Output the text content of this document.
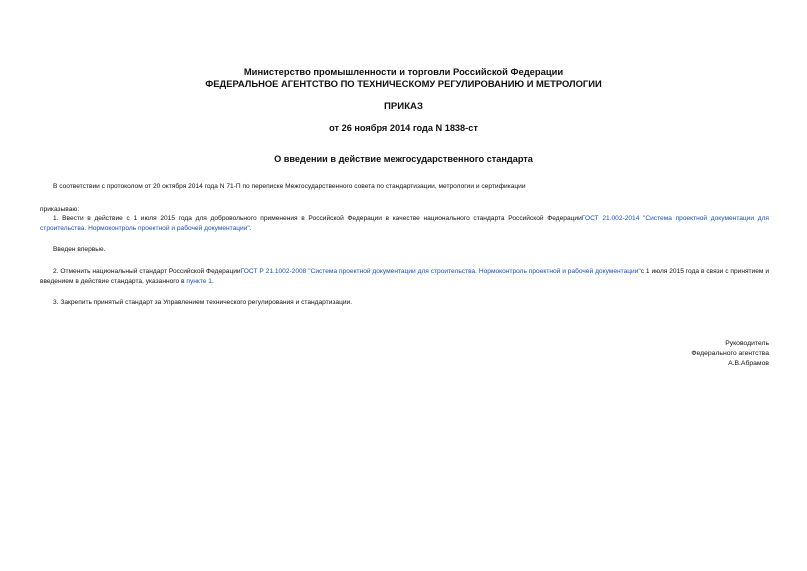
Министерство промышленности и торговли Российской Федерации
ФЕДЕРАЛЬНОЕ АГЕНТСТВО ПО ТЕХНИЧЕСКОМУ РЕГУЛИРОВАНИЮ И МЕТРОЛОГИИ
ПРИКАЗ
от 26 ноября 2014 года N 1838-ст
О введении в действие межгосударственного стандарта
В соответствии с протоколом от 20 октября 2014 года N 71-П по переписке Межгосударственного совета по стандартизации, метрологии и сертификации
приказываю:
1. Ввести в действие с 1 июля 2015 года для добровольного применения в Российской Федерации в качестве национального стандарта Российской ФедерацииГОСТ 21.002-2014 "Система проектной документации для строительства. Нормоконтроль проектной и рабочей документации".
Введен впервые.
2. Отменить национальный стандарт Российской ФедерацииГОСТ Р 21.1002-2008 "Система проектной документации для строительства. Нормоконтроль проектной и рабочей документации"с 1 июля 2015 года в связи с принятием и введением в действие стандарта, указанного в пункте 1.
3. Закрепить принятый стандарт за Управлением технического регулирования и стандартизации.
Руководитель
Федерального агентства
А.В.Абрамов
